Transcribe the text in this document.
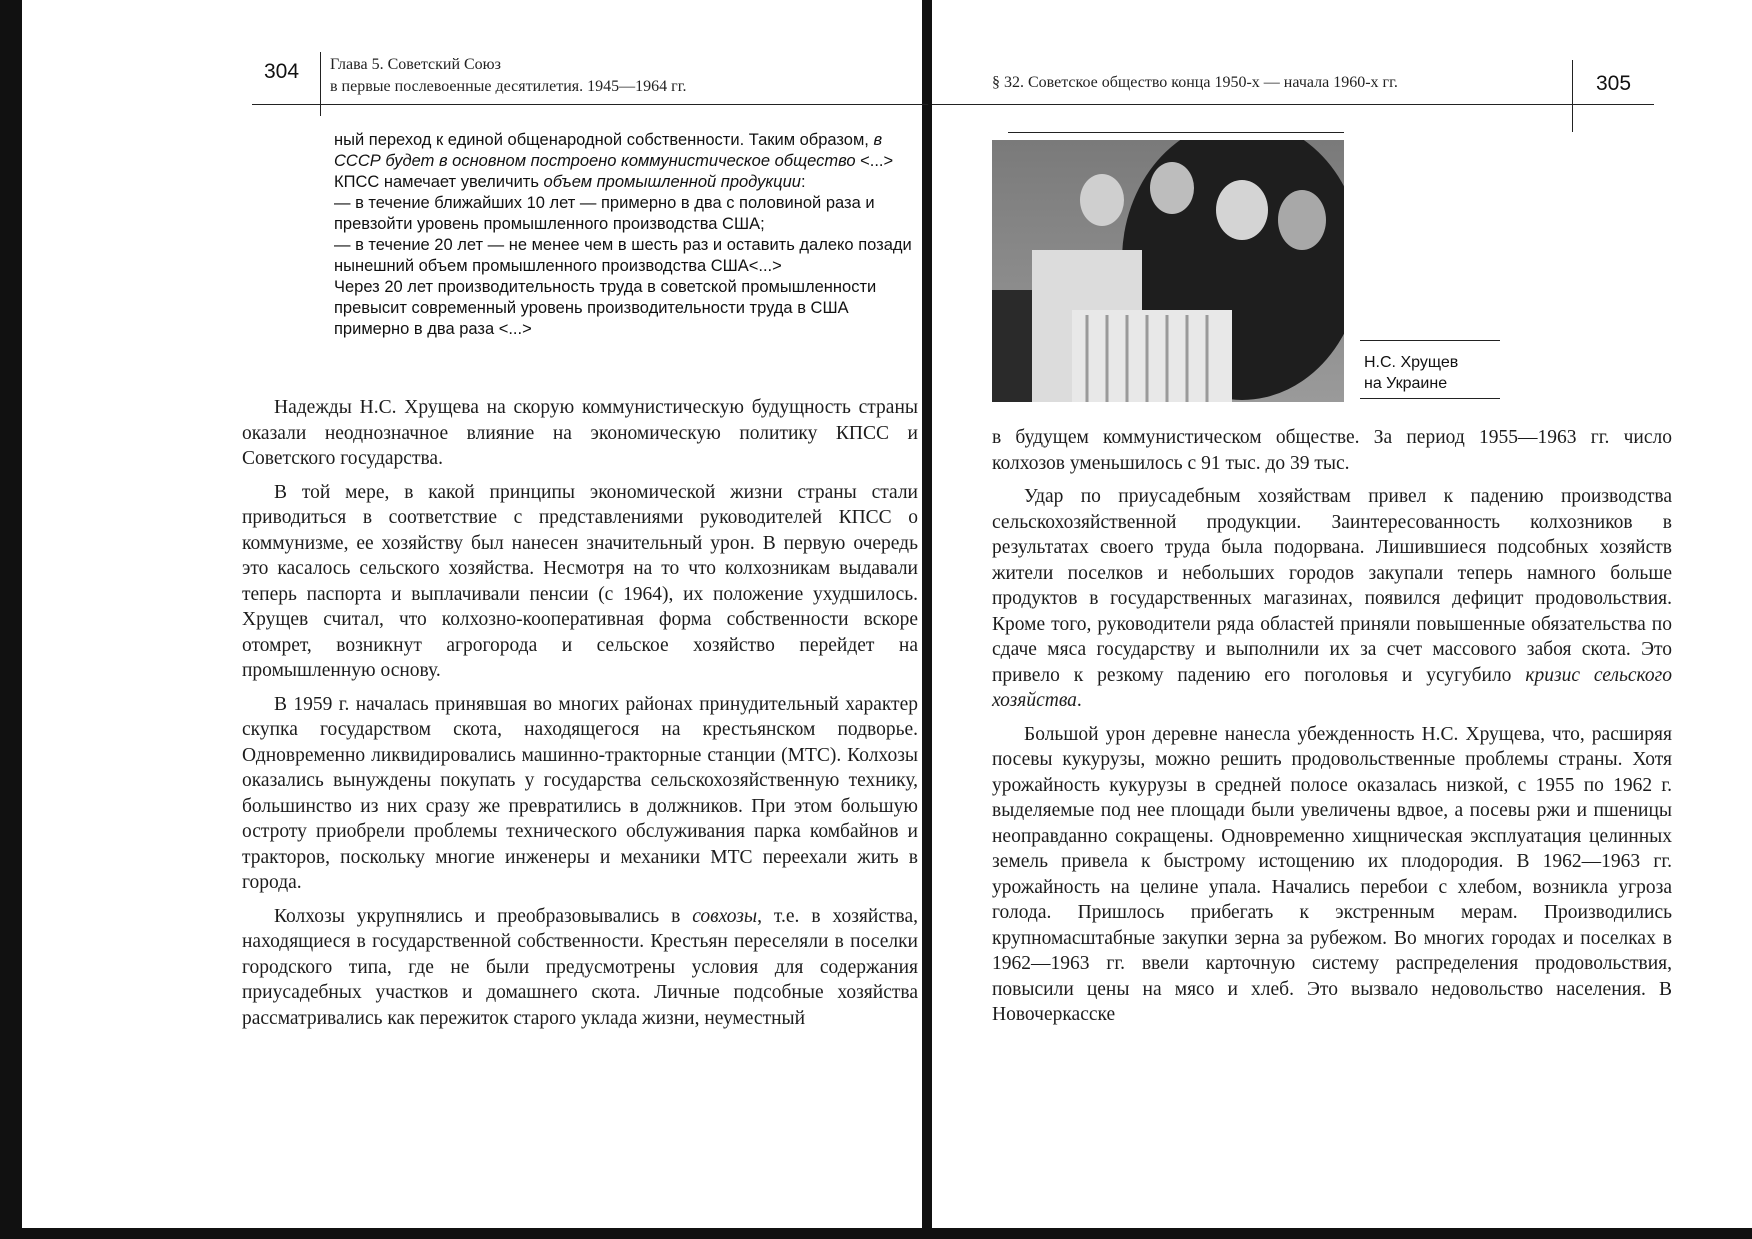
304 Глава 5. Советский Союз
в первые послевоенные десятилетия. 1945—1964 гг.

ный переход к единой общенародной собственности. Таким образом, в СССР будет в основном построено коммунистическое общество <...>

КПСС намечает увеличить объем промышленной продукции:

— в течение ближайших 10 лет — примерно в два с половиной раза и превзойти уровень промышленного производства США;

— в течение 20 лет — не менее чем в шесть раз и оставить далеко позади нынешний объем промышленного производства США<...>

Через 20 лет производительность труда в советской промышленности превысит современный уровень производительности труда в США примерно в два раза <...>

Надежды Н.С. Хрущева на скорую коммунистическую будущность страны оказали неоднозначное влияние на экономическую политику КПСС и Советского государства.

В той мере, в какой принципы экономической жизни страны стали приводиться в соответствие с представлениями руководителей КПСС о коммунизме, ее хозяйству был нанесен значительный урон. В первую очередь это касалось сельского хозяйства. Несмотря на то что колхозникам выдавали теперь паспорта и выплачивали пенсии (с 1964), их положение ухудшилось. Хрущев считал, что колхозно-кооперативная форма собственности вскоре отомрет, возникнут агрогорода и сельское хозяйство перейдет на промышленную основу.

В 1959 г. началась принявшая во многих районах принудительный характер скупка государством скота, находящегося на крестьянском подворье. Одновременно ликвидировались машинно-тракторные станции (МТС). Колхозы оказались вынуждены покупать у государства сельскохозяйственную технику, большинство из них сразу же превратились в должников. При этом большую остроту приобрели проблемы технического обслуживания парка комбайнов и тракторов, поскольку многие инженеры и механики МТС переехали жить в города.

Колхозы укрупнялись и преобразовывались в совхозы, т.е. в хозяйства, находящиеся в государственной собственности. Крестьян переселяли в поселки городского типа, где не были предусмотрены условия для содержания приусадебных участков и домашнего скота. Личные подсобные хозяйства рассматривались как пережиток старого уклада жизни, неуместный

§ 32. Советское общество конца 1950-х — начала 1960-х гг.	305
Н.С. Хрущев
на Украине

в будущем коммунистическом обществе. За период 1955—1963 гг. число колхозов уменьшилось с 91 тыс. до 39 тыс.

Удар по приусадебным хозяйствам привел к падению производства сельскохозяйственной продукции. Заинтересованность колхозников в результатах своего труда была подорвана. Лишившиеся подсобных хозяйств жители поселков и небольших городов закупали теперь намного больше продуктов в государственных магазинах, появился дефицит продовольствия. Кроме того, руководители ряда областей приняли повышенные обязательства по сдаче мяса государству и выполнили их за счет массового забоя скота. Это привело к резкому падению его поголовья и усугубило кризис сельского хозяйства.

Большой урон деревне нанесла убежденность Н.С. Хрущева, что, расширяя посевы кукурузы, можно решить продовольственные проблемы страны. Хотя урожайность кукурузы в средней полосе оказалась низкой, с 1955 по 1962 г. выделяемые под нее площади были увеличены вдвое, а посевы ржи и пшеницы неоправданно сокращены. Одновременно хищническая эксплуатация целинных земель привела к быстрому истощению их плодородия. В 1962—1963 гг. урожайность на целине упала. Начались перебои с хлебом, возникла угроза голода. Пришлось прибегать к экстренным мерам. Производились крупномасштабные закупки зерна за рубежом. Во многих городах и поселках в 1962—1963 гг. ввели карточную систему распределения продовольствия, повысили цены на мясо и хлеб. Это вызвало недовольство населения. В Новочеркасске
